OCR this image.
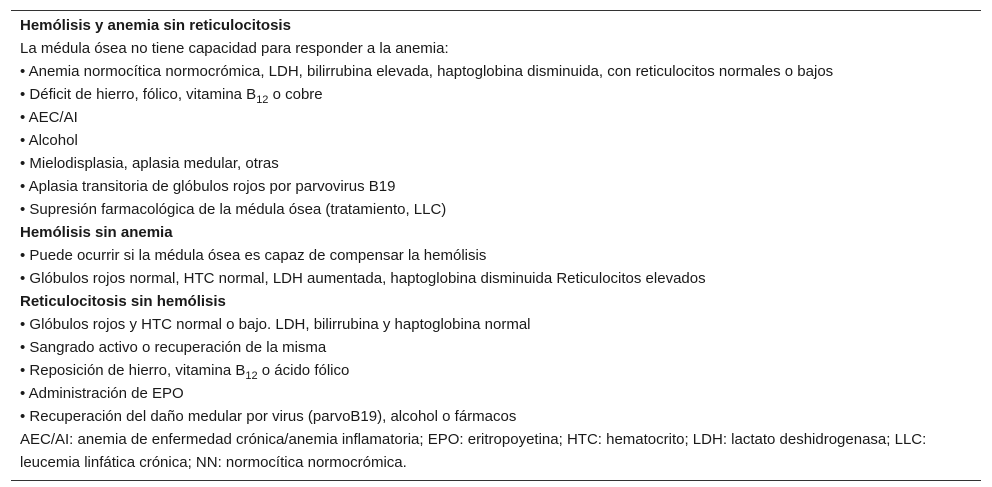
Hemólisis y anemia sin reticulocitosis
La médula ósea no tiene capacidad para responder a la anemia:
• Anemia normocítica normocrómica, LDH, bilirrubina elevada, haptoglobina disminuida, con reticulocitos normales o bajos
• Déficit de hierro, fólico, vitamina $B_{12}$ o cobre
• AEC/AI
• Alcohol
• Mielodisplasia, aplasia medular, otras
• Aplasia transitoria de glóbulos rojos por parvovirus B19
• Supresión farmacológica de la médula ósea (tratamiento, LLC)
Hemólisis sin anemia
• Puede ocurrir si la médula ósea es capaz de compensar la hemólisis
• Glóbulos rojos normal, HTC normal, LDH aumentada, haptoglobina disminuida Reticulocitos elevados
Reticulocitosis sin hemólisis
• Glóbulos rojos y HTC normal o bajo. LDH, bilirrubina y haptoglobina normal
• Sangrado activo o recuperación de la misma
• Reposición de hierro, vitamina $B_{12}$ o ácido fólico
• Administración de EPO
• Recuperación del daño medular por virus (parvoB19), alcohol o fármacos
AEC/AI: anemia de enfermedad crónica/anemia inflamatoria; EPO: eritropoyetina; HTC: hematocrito; LDH: lactato deshidrogenasa; LLC: leucemia linfática crónica; NN: normocítica normocrómica.
